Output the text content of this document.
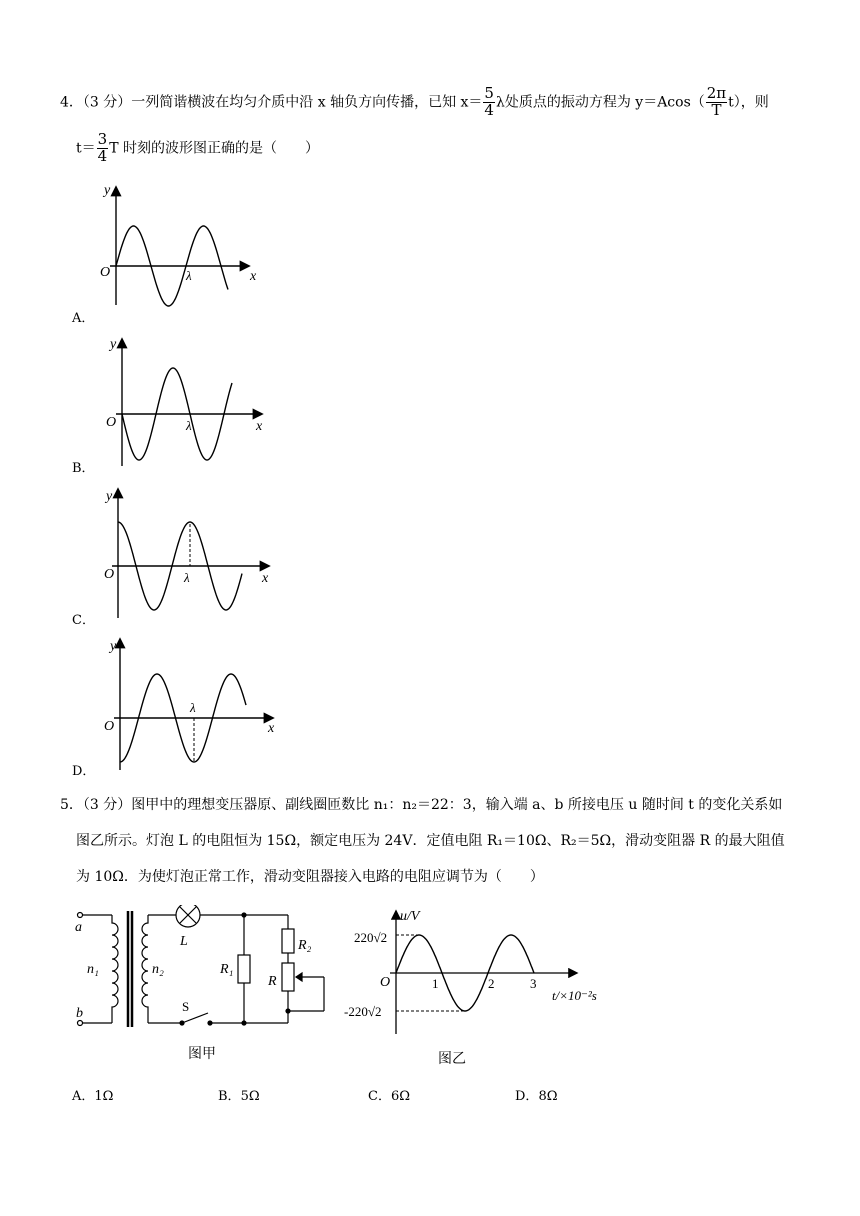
4．（3 分）一列简谐横波在均匀介质中沿 x 轴负方向传播，已知 $x= \frac{5}{4}$ λ处质点的振动方程为 $y=Acos( \frac{2\pi}{T} t)$，则
$t= \frac{3}{4}$ T 时刻的波形图正确的是（　　）
y
O	λ	x
A．
y
O	λ	x
B．
y
O	λ	x
C．
y
O
λ
x
D．
5．（3 分）图甲中的理想变压器原、副线圈匝数比 n₁：n₂＝22：3，输入端 a、b 所接电压 u 随时间 t 的变化关系如
图乙所示。灯泡 L 的电阻恒为 15Ω，额定电压为 24V．定值电阻 R₁＝10Ω、R₂＝5Ω，滑动变阻器 R 的最大阻值
为 10Ω．为使灯泡正常工作，滑动变阻器接入电路的电阻应调节为（　　）
a
b
n₁	n₂
L
R₁
R₂
R
S
图甲
u/V
220√2
O
-220√2
1	2	3
t/×10⁻²s
图乙
A．1Ω	B．5Ω	C．6Ω	D．8Ω
